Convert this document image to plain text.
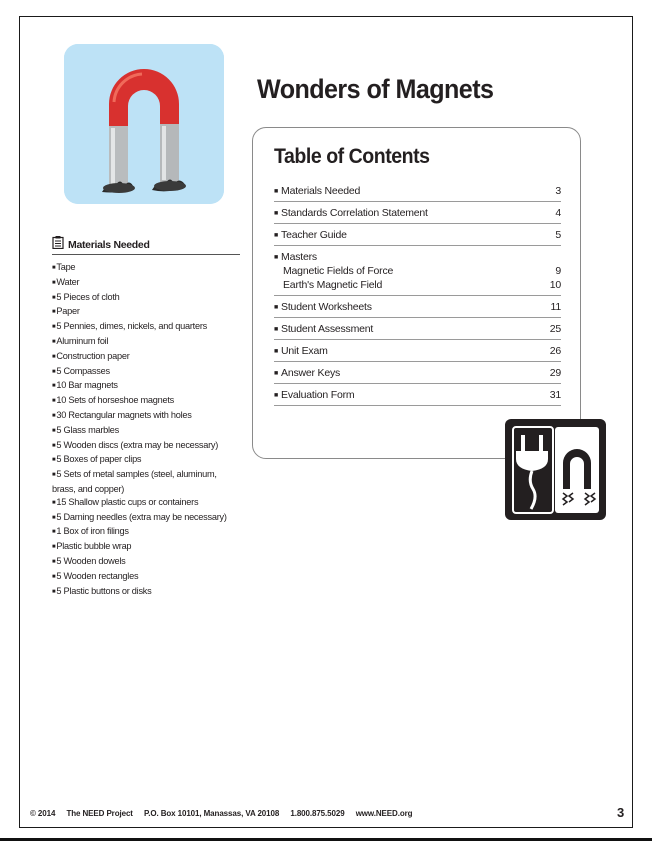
Wonders of Magnets
Table of Contents
■ Materials Needed	3
■ Standards Correlation Statement	4
■ Teacher Guide	5
■ Masters
Magnetic Fields of Force	9
Earth's Magnetic Field	10
■ Student Worksheets	11
■ Student Assessment	25
■ Unit Exam	26
■ Answer Keys	29
■ Evaluation Form	31
Materials Needed
■Tape
■Water
■5 Pieces of cloth
■Paper
■5 Pennies, dimes, nickels, and quarters
■Aluminum foil
■Construction paper
■5 Compasses
■10 Bar magnets
■10 Sets of horseshoe magnets
■30 Rectangular magnets with holes
■5 Glass marbles
■5 Wooden discs (extra may be necessary)
■5 Boxes of paper clips
■5 Sets of metal samples (steel, aluminum,
brass, and copper)
■15 Shallow plastic cups or containers
■5 Darning needles (extra may be necessary)
■1 Box of iron filings
■Plastic bubble wrap
■5 Wooden dowels
■5 Wooden rectangles
■5 Plastic buttons or disks
© 2014 The NEED Project P.O. Box 10101, Manassas, VA 20108 1.800.875.5029 www.NEED.org	3
